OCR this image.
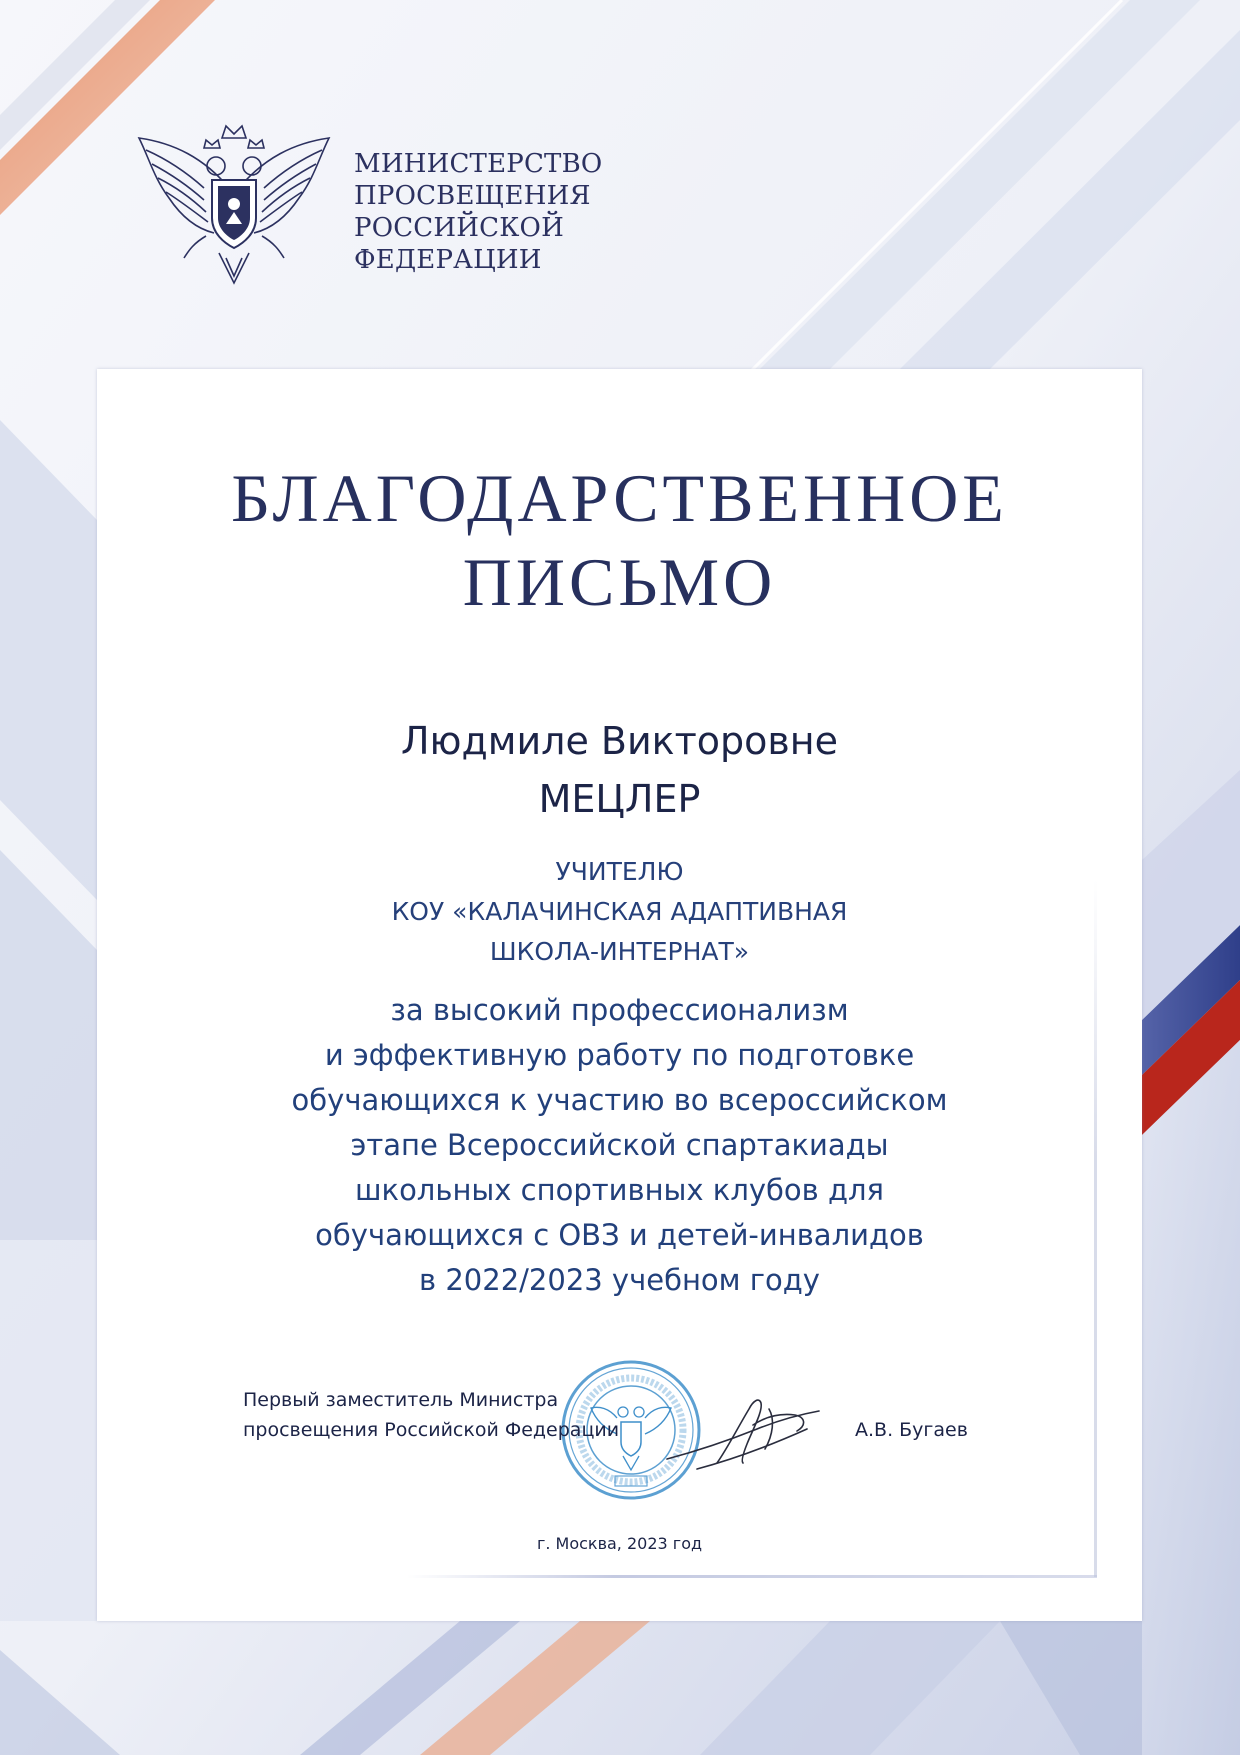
МИНИСТЕРСТВО
ПРОСВЕЩЕНИЯ
РОССИЙСКОЙ
ФЕДЕРАЦИИ
БЛАГОДАРСТВЕННОЕ
ПИСЬМО
Людмиле Викторовне
МЕЦЛЕР
УЧИТЕЛЮ
КОУ «КАЛАЧИНСКАЯ АДАПТИВНАЯ
ШКОЛА-ИНТЕРНАТ»
за высокий профессионализм
и эффективную работу по подготовке
обучающихся к участию во всероссийском
этапе Всероссийской спартакиады
школьных спортивных клубов для
обучающихся с ОВЗ и детей-инвалидов
в 2022/2023 учебном году
Первый заместитель Министра
просвещения Российской Федерации	А.В. Бугаев
г. Москва, 2023 год
